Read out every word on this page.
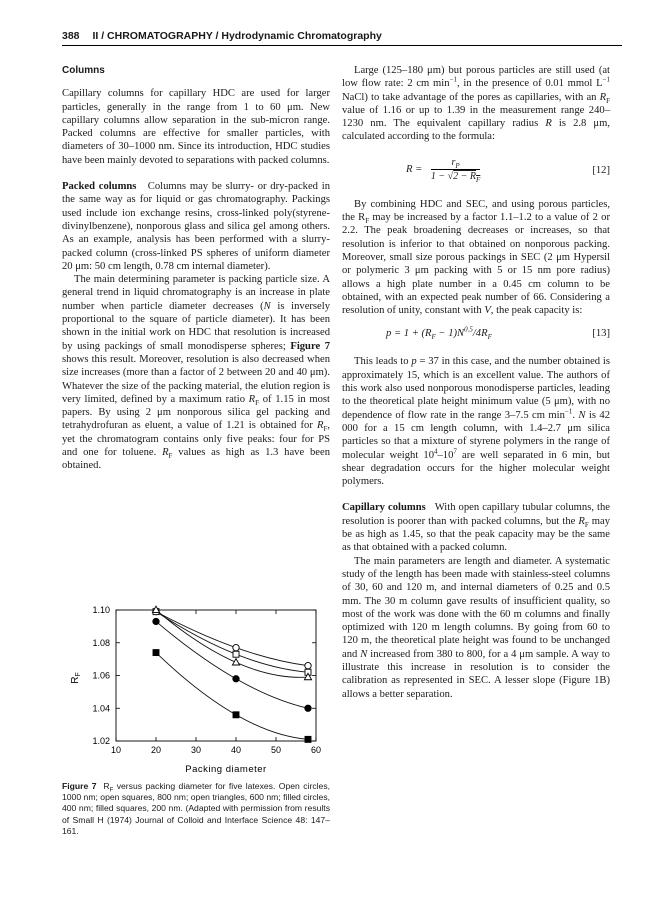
388 II / CHROMATOGRAPHY / Hydrodynamic Chromatography
Columns

Capillary columns for capillary HDC are used for larger particles, generally in the range from 1 to 60 μm. New capillary columns allow separation in the sub-micron range. Packed columns are effective for smaller particles, with diameters of 30–1000 nm. Since its introduction, HDC studies have been mainly devoted to separations with packed columns.

Packed columns Columns may be slurry- or dry-packed in the same way as for liquid or gas chromatography. Packings used include ion exchange resins, cross-linked poly(styrene-divinylbenzene), nonporous glass and silica gel among others. As an example, analysis has been performed with a slurry-packed column (cross-linked PS spheres of uniform diameter 20 μm: 50 cm length, 0.78 cm internal diameter).

The main determining parameter is packing particle size. A general trend in liquid chromatography is an increase in plate number when particle diameter decreases (N is inversely proportional to the square of particle diameter). It has been shown in the initial work on HDC that resolution is increased by using packings of small monodisperse spheres; Figure 7 shows this result. Moreover, resolution is also decreased when size increases (more than a factor of 2 between 20 and 40 μm). Whatever the size of the packing material, the elution region is very limited, defined by a maximum ratio $R_F$ of 1.15 in most papers. By using 2 μm nonporous silica gel packing and tetrahydrofuran as eluent, a value of 1.21 is obtained for $R_F$, yet the chromatogram contains only five peaks: four for PS and one for toluene. $R_F$ values as high as 1.3 have been obtained.

Large (125–180 μm) but porous particles are still used (at low flow rate: 2 cm $\min^{-1}$, in the presence of 0.01 mmol $L^{-1}$ NaCl) to take advantage of the pores as capillaries, with an $R_F$ value of 1.16 or up to 1.39 in the measurement range 240–1230 nm. The equivalent capillary radius R is 2.8 μm, calculated according to the formula:

$R = \frac{r_P}{1 - √2 - R_F}$	[12]

By combining HDC and SEC, and using porous particles, the $R_F$ may be increased by a factor 1.1–1.2 to a value of 2 or 2.2. The peak broadening decreases or increases, so that resolution is inferior to that obtained on nonporous packing. Moreover, small size porous packings in SEC (2 μm Hypersil or polymeric 3 μm packing with 5 or 15 nm pore radius) allows a high plate number in a 0.45 cm column to be obtained, with an expected peak number of 66. Considering a resolution of unity, constant with V, the peak capacity is:

$p = 1 + (R_F - 1)N^{0.5}/4R_F$	[13]

This leads to p = 37 in this case, and the number obtained is approximately 15, which is an excellent value. The authors of this work also used nonporous monodisperse particles, leading to the theoretical plate height minimum value (5 μm), with no dependence of flow rate in the range 3–7.5 cm $\min^{-1}$. N is 42 000 for a 15 cm length column, with 1.4–2.7 μm silica particles so that a mixture of styrene polymers in the range of molecular weight $10^4-10^7$ are well separated in 6 min, but shear degradation occurs for the higher molecular weight polymers.

Capillary columns With open capillary tubular columns, the resolution is poorer than with packed columns, but the $R_F$ may be as high as 1.45, so that the peak capacity may be the same as that obtained with a packed column.

The main parameters are length and diameter. A systematic study of the length has been made with stainless-steel columns of 30, 60 and 120 m, and internal diameters of 0.25 and 0.5 mm. The 30 m column gave results of insufficient quality, so most of the work was done with the 60 m columns and finally optimized with 120 m length columns. By going from 60 to 120 m, the theoretical plate height was found to be unchanged and N increased from 380 to 800, for a 4 μm sample. A way to illustrate this increase in resolution is to consider the calibration as represented in SEC. A lesser slope (Figure 1B) allows a better separation.

10	20	30	40	50	60
1.02
1.04
1.06
1.08
1.10
$R_F$
Packing diameter
Figure 7  $R_F$ versus packing diameter for five latexes. Open circles, 1000 nm; open squares, 800 nm; open triangles, 600 nm; filled circles, 400 nm; filled squares, 200 nm. (Adapted with permission from results of Small H (1974) Journal of Colloid and Interface Science 48: 147–161.
